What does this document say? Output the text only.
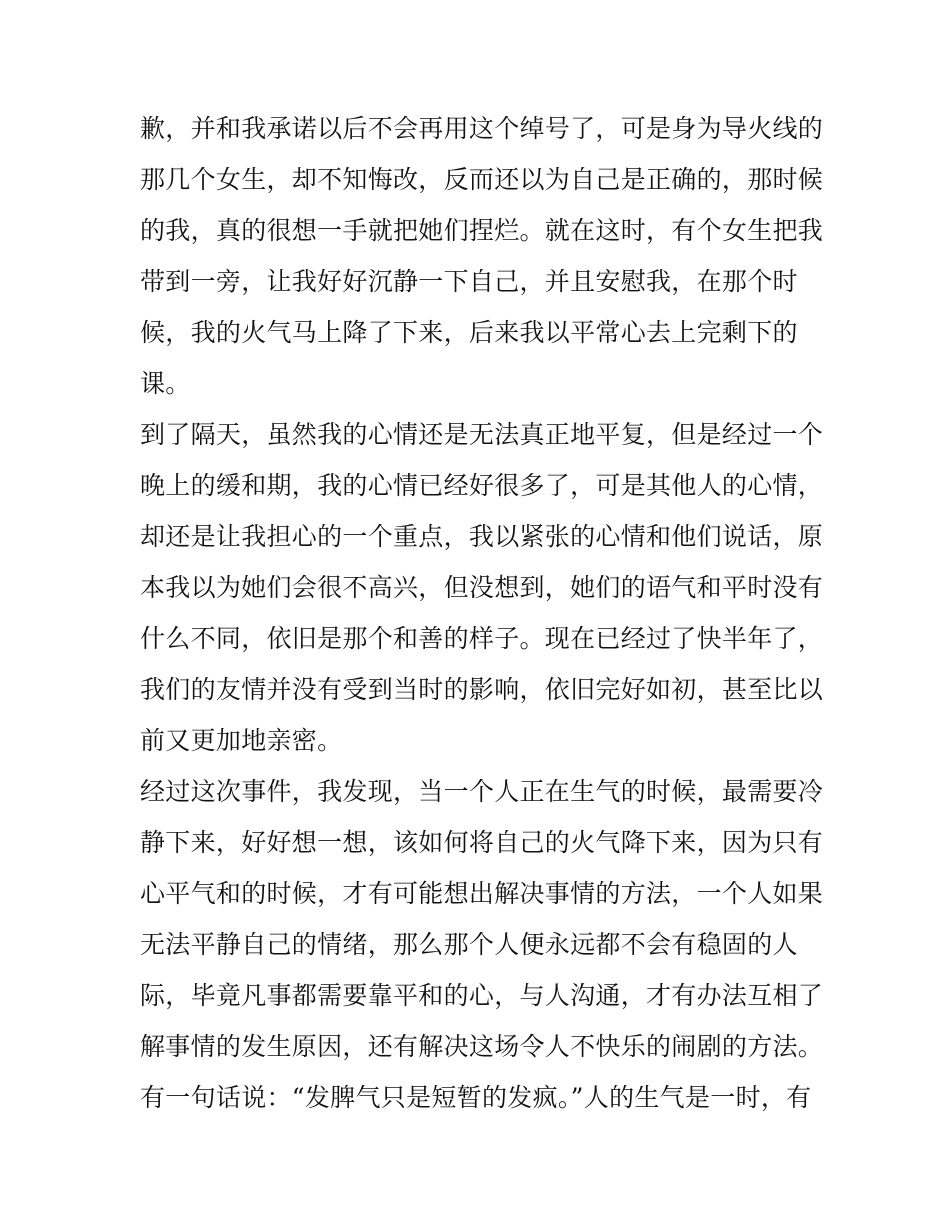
歉，并和我承诺以后不会再用这个绰号了，可是身为导火线的
那几个女生，却不知悔改，反而还以为自己是正确的，那时候
的我，真的很想一手就把她们捏烂。就在这时，有个女生把我
带到一旁，让我好好沉静一下自己，并且安慰我，在那个时
候，我的火气马上降了下来，后来我以平常心去上完剩下的
课。
到了隔天，虽然我的心情还是无法真正地平复，但是经过一个
晚上的缓和期，我的心情已经好很多了，可是其他人的心情，
却还是让我担心的一个重点，我以紧张的心情和他们说话，原
本我以为她们会很不高兴，但没想到，她们的语气和平时没有
什么不同，依旧是那个和善的样子。现在已经过了快半年了，
我们的友情并没有受到当时的影响，依旧完好如初，甚至比以
前又更加地亲密。
经过这次事件，我发现，当一个人正在生气的时候，最需要冷
静下来，好好想一想，该如何将自己的火气降下来，因为只有
心平气和的时候，才有可能想出解决事情的方法，一个人如果
无法平静自己的情绪，那么那个人便永远都不会有稳固的人
际，毕竟凡事都需要靠平和的心，与人沟通，才有办法互相了
解事情的发生原因，还有解决这场令人不快乐的闹剧的方法。
有一句话说：“发脾气只是短暂的发疯。”人的生气是一时，有
